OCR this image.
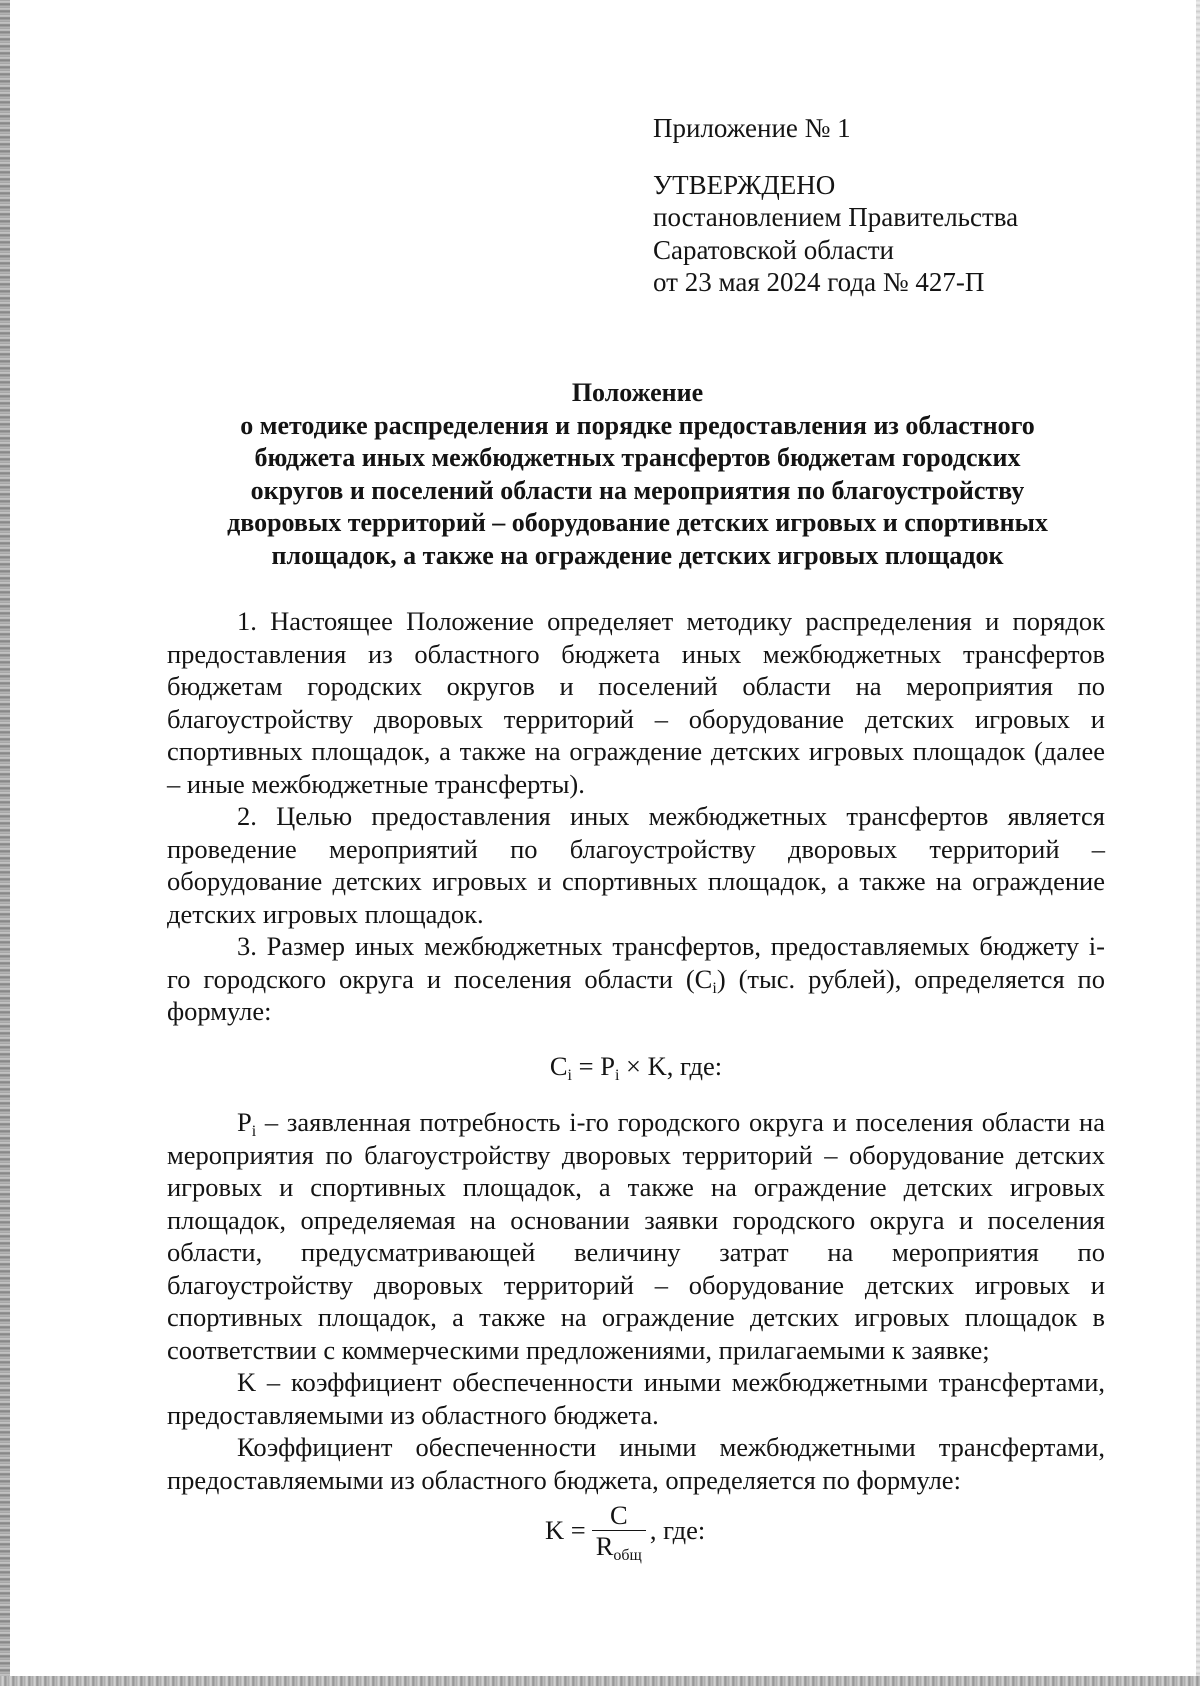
Приложение № 1
УТВЕРЖДЕНО
постановлением Правительства
Саратовской области
от 23 мая 2024 года № 427-П
Положение
о методике распределения и порядке предоставления из областного
бюджета иных межбюджетных трансфертов бюджетам городских
округов и поселений области на мероприятия по благоустройству
дворовых территорий – оборудование детских игровых и спортивных
площадок, а также на ограждение детских игровых площадок

1. Настоящее Положение определяет методику распределения и порядок предоставления из областного бюджета иных межбюджетных трансфертов бюджетам городских округов и поселений области на мероприятия по благоустройству дворовых территорий – оборудование детских игровых и спортивных площадок, а также на ограждение детских игровых площадок (далее – иные межбюджетные трансферты).

2. Целью предоставления иных межбюджетных трансфертов является проведение мероприятий по благоустройству дворовых территорий – оборудование детских игровых и спортивных площадок, а также на ограждение детских игровых площадок.

3. Размер иных межбюджетных трансфертов, предоставляемых бюджету i-го городского округа и поселения области $(C_i)$ (тыс. рублей), определяется по формуле:

$C_i = P_i \times K$, где:

$P_i$ – заявленная потребность i-го городского округа и поселения области на мероприятия по благоустройству дворовых территорий – оборудование детских игровых и спортивных площадок, а также на ограждение детских игровых площадок, определяемая на основании заявки городского округа и поселения области, предусматривающей величину затрат на мероприятия по благоустройству дворовых территорий – оборудование детских игровых и спортивных площадок, а также на ограждение детских игровых площадок в соответствии с коммерческими предложениями, прилагаемыми к заявке;

K – коэффициент обеспеченности иными межбюджетными трансфертами, предоставляемыми из областного бюджета.

Коэффициент обеспеченности иными межбюджетными трансфертами, предоставляемыми из областного бюджета, определяется по формуле:

$K = \frac{C}{R_{общ}}$ , где:
